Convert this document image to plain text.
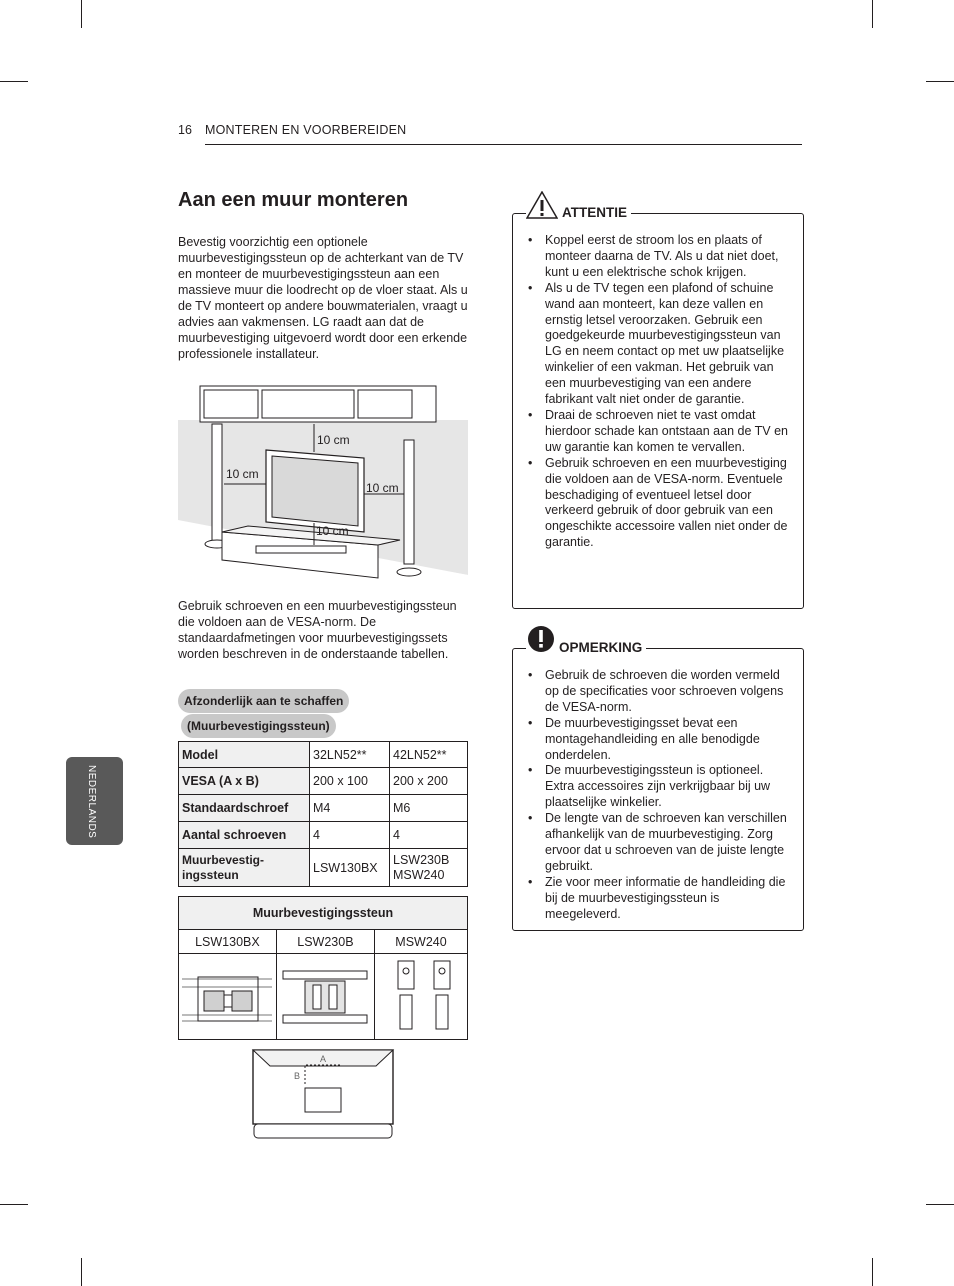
16 MONTEREN EN VOORBEREIDEN
NEDERLANDS
Aan een muur monteren

Bevestig voorzichtig een optionele muurbevestigingssteun op de achterkant van de TV en monteer de muurbevestigingssteun aan een massieve muur die loodrecht op de vloer staat. Als u de TV monteert op andere bouwmaterialen, vraagt u advies aan vakmensen. LG raadt aan dat de muurbevestiging uitgevoerd wordt door een erkende professionele installateur.

10 cm
10 cm
10 cm
10 cm

Gebruik schroeven en een muurbevestigingssteun die voldoen aan de VESA-norm. De standaardafmetingen voor muurbevestigingssets worden beschreven in de onderstaande tabellen.

Afzonderlijk aan te schaffen
(Muurbevestigingssteun)
Model	32LN52**	42LN52**
VESA (A x B)	200 x 100	200 x 200
Standaardschroef	M4	M6
Aantal schroeven	4	4
Muurbevestig-ingssteun	LSW130BX	LSW230B MSW240
Muurbevestigingssteun		
LSW130BX	LSW230B	MSW240

A
B
• Koppel eerst de stroom los en plaats of monteer daarna de TV. Als u dat niet doet, kunt u een elektrische schok krijgen.
• Als u de TV tegen een plafond of schuine wand aan monteert, kan deze vallen en ernstig letsel veroorzaken. Gebruik een goedgekeurde muurbevestigingssteun van LG en neem contact op met uw plaatselijke winkelier of een vakman. Het gebruik van een muurbevestiging van een andere fabrikant valt niet onder de garantie.
• Draai de schroeven niet te vast omdat hierdoor schade kan ontstaan aan de TV en uw garantie kan komen te vervallen.
• Gebruik schroeven en een muurbevestiging die voldoen aan de VESA-norm. Eventuele beschadiging of eventueel letsel door verkeerd gebruik of door gebruik van een ongeschikte accessoire vallen niet onder de garantie.
ATTENTIE
• Gebruik de schroeven die worden vermeld op de specificaties voor schroeven volgens de VESA-norm.
• De muurbevestigingsset bevat een montagehandleiding en alle benodigde onderdelen.
• De muurbevestigingssteun is optioneel. Extra accessoires zijn verkrijgbaar bij uw plaatselijke winkelier.
• De lengte van de schroeven kan verschillen afhankelijk van de muurbevestiging. Zorg ervoor dat u schroeven van de juiste lengte gebruikt.
• Zie voor meer informatie de handleiding die bij de muurbevestigingssteun is meegeleverd.
OPMERKING
